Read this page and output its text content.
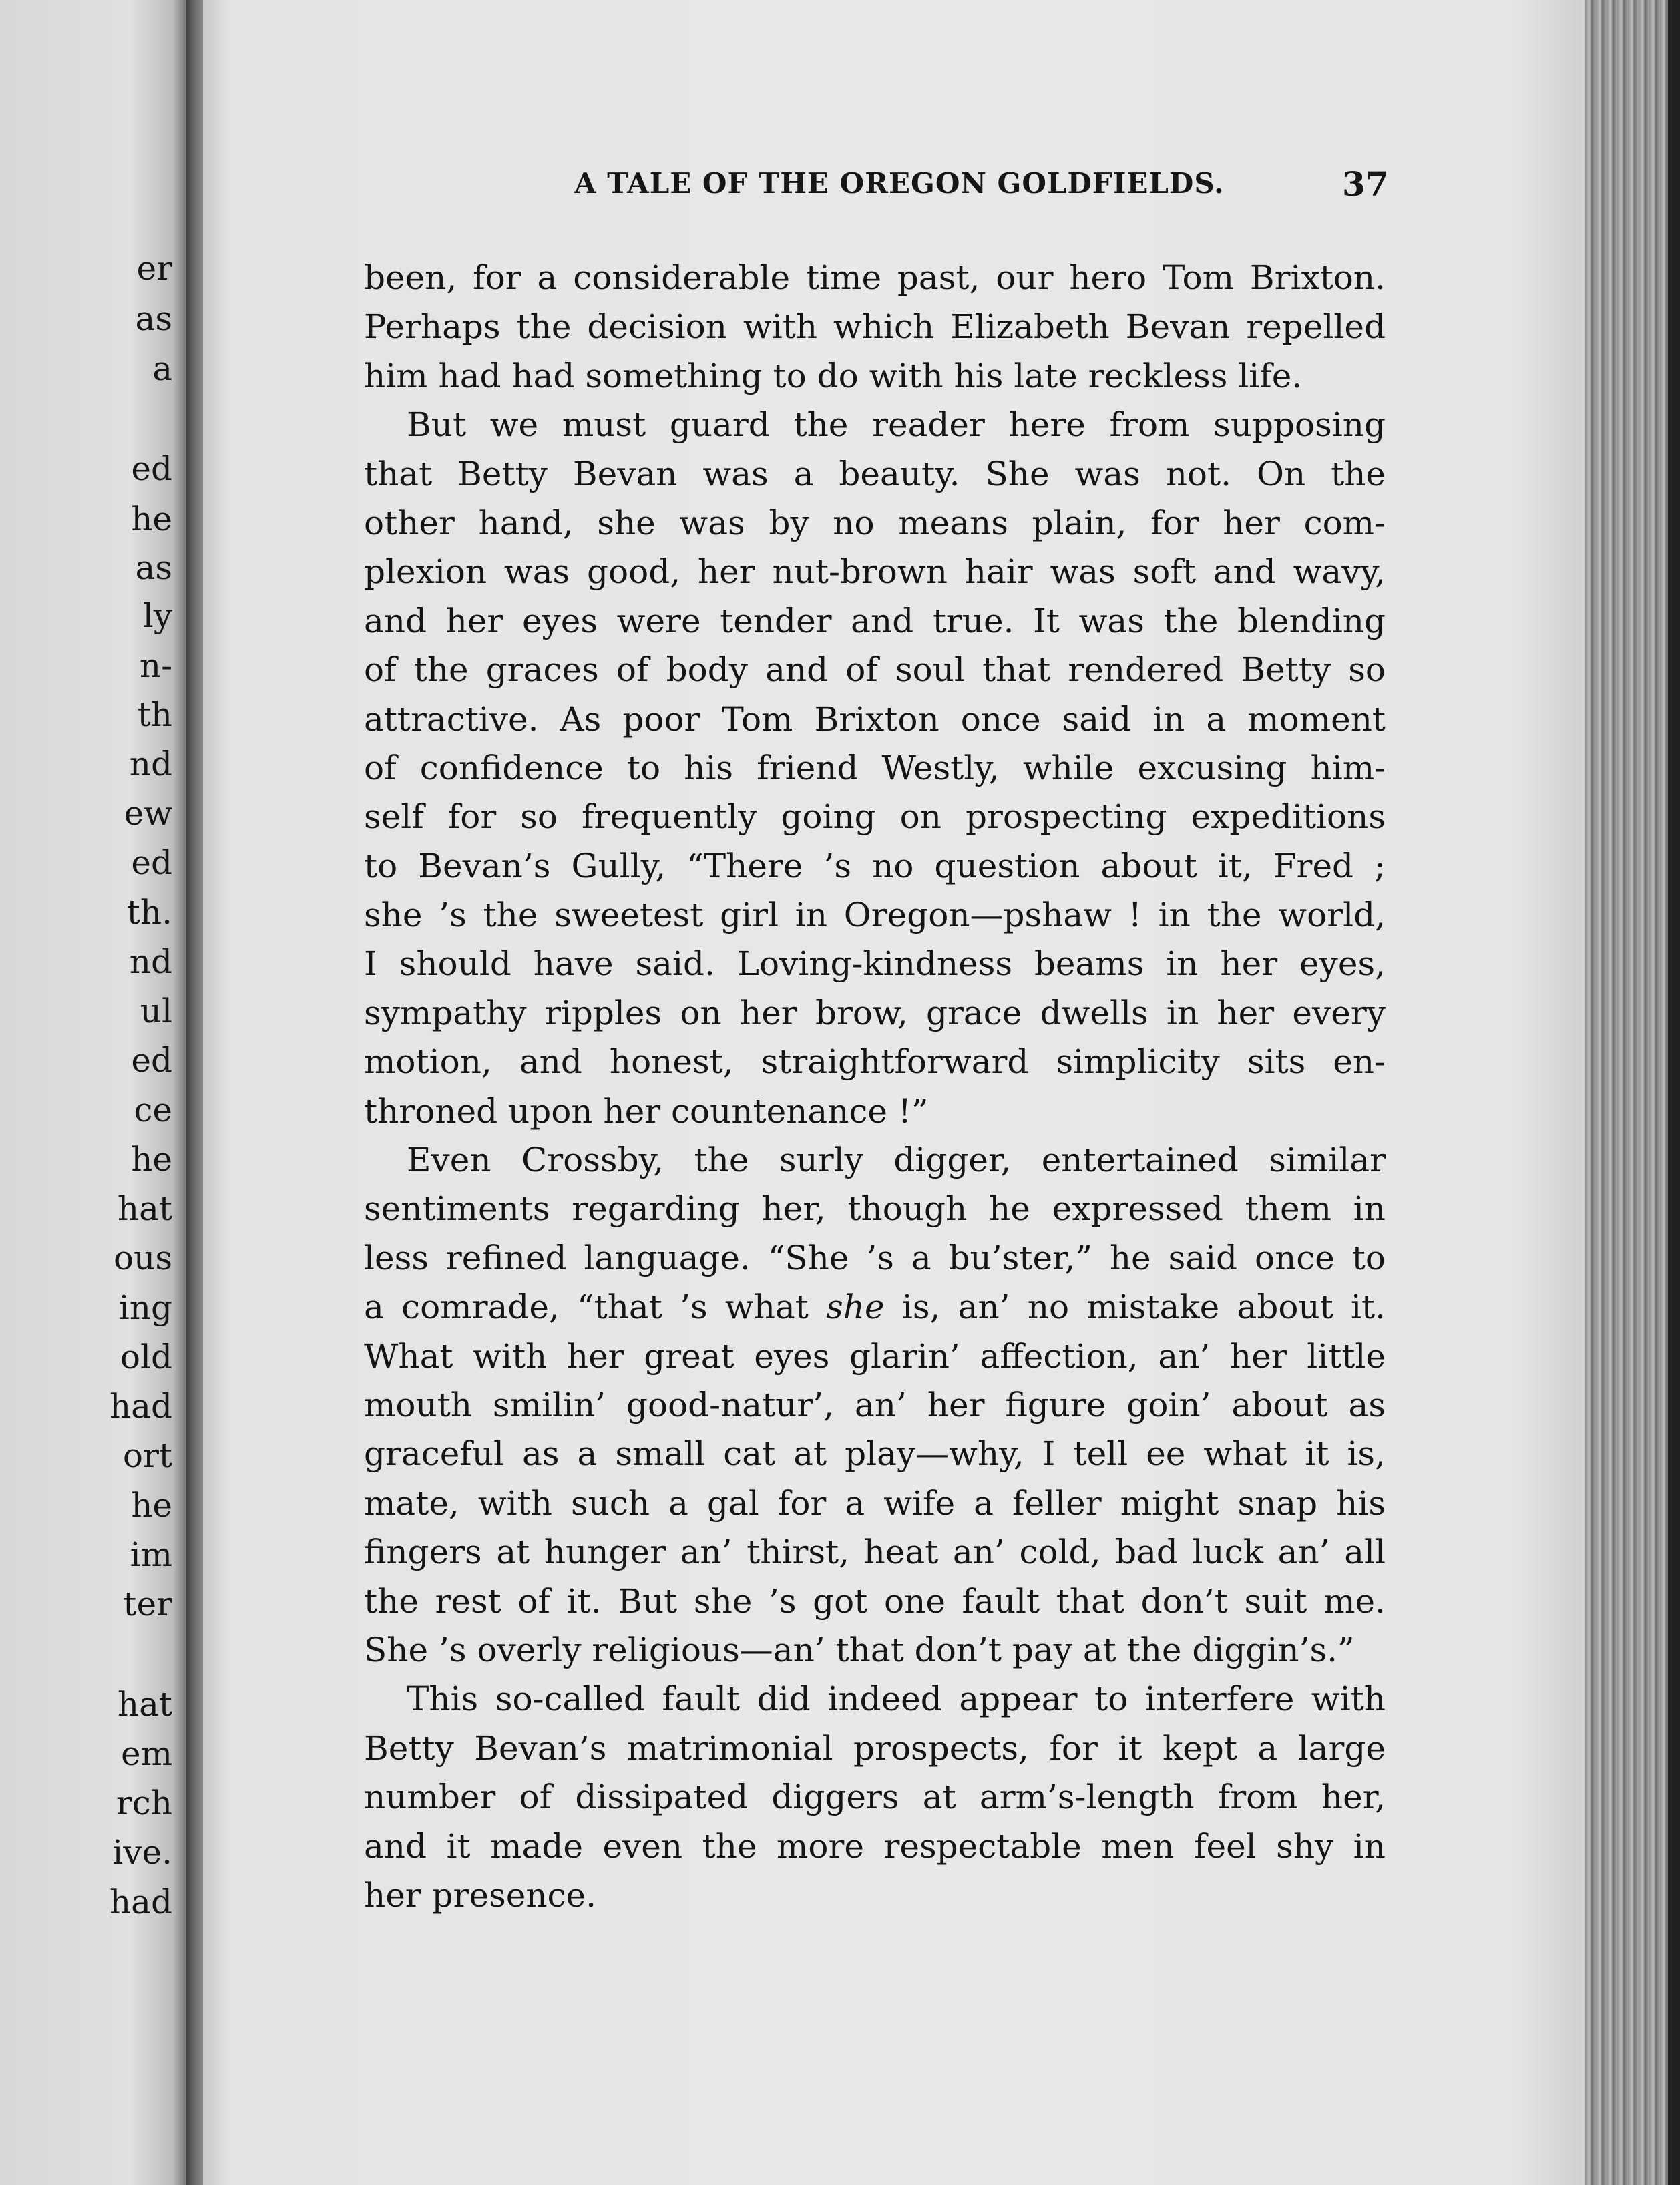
er
as
a
ed
he
as
ly
n-
th
nd
ew
ed
th.
nd
ul
ed
ce
he
hat
ous
ing
old
had
ort
he
im
ter
hat
em
rch
ive.
had
A TALE OF THE OREGON GOLDFIELDS.	37
been, for a considerable time past, our hero Tom Brixton.
Perhaps the decision with which Elizabeth Bevan repelled
him had had something to do with his late reckless life.
But we must guard the reader here from supposing
that Betty Bevan was a beauty. She was not. On the
other hand, she was by no means plain, for her com-
plexion was good, her nut-brown hair was soft and wavy,
and her eyes were tender and true. It was the blending
of the graces of body and of soul that rendered Betty so
attractive. As poor Tom Brixton once said in a moment
of confidence to his friend Westly, while excusing him-
self for so frequently going on prospecting expeditions
to Bevan’s Gully, “There ’s no question about it, Fred ;
she ’s the sweetest girl in Oregon—pshaw ! in the world,
I should have said. Loving-kindness beams in her eyes,
sympathy ripples on her brow, grace dwells in her every
motion, and honest, straightforward simplicity sits en-
throned upon her countenance !”
Even Crossby, the surly digger, entertained similar
sentiments regarding her, though he expressed them in
less refined language. “She ’s a bu’ster,” he said once to
a comrade, “that ’s what she is, an’ no mistake about it.
What with her great eyes glarin’ affection, an’ her little
mouth smilin’ good-natur’, an’ her figure goin’ about as
graceful as a small cat at play—why, I tell ee what it is,
mate, with such a gal for a wife a feller might snap his
fingers at hunger an’ thirst, heat an’ cold, bad luck an’ all
the rest of it. But she ’s got one fault that don’t suit me.
She ’s overly religious—an’ that don’t pay at the diggin’s.”
This so-called fault did indeed appear to interfere with
Betty Bevan’s matrimonial prospects, for it kept a large
number of dissipated diggers at arm’s-length from her,
and it made even the more respectable men feel shy in
her presence.
